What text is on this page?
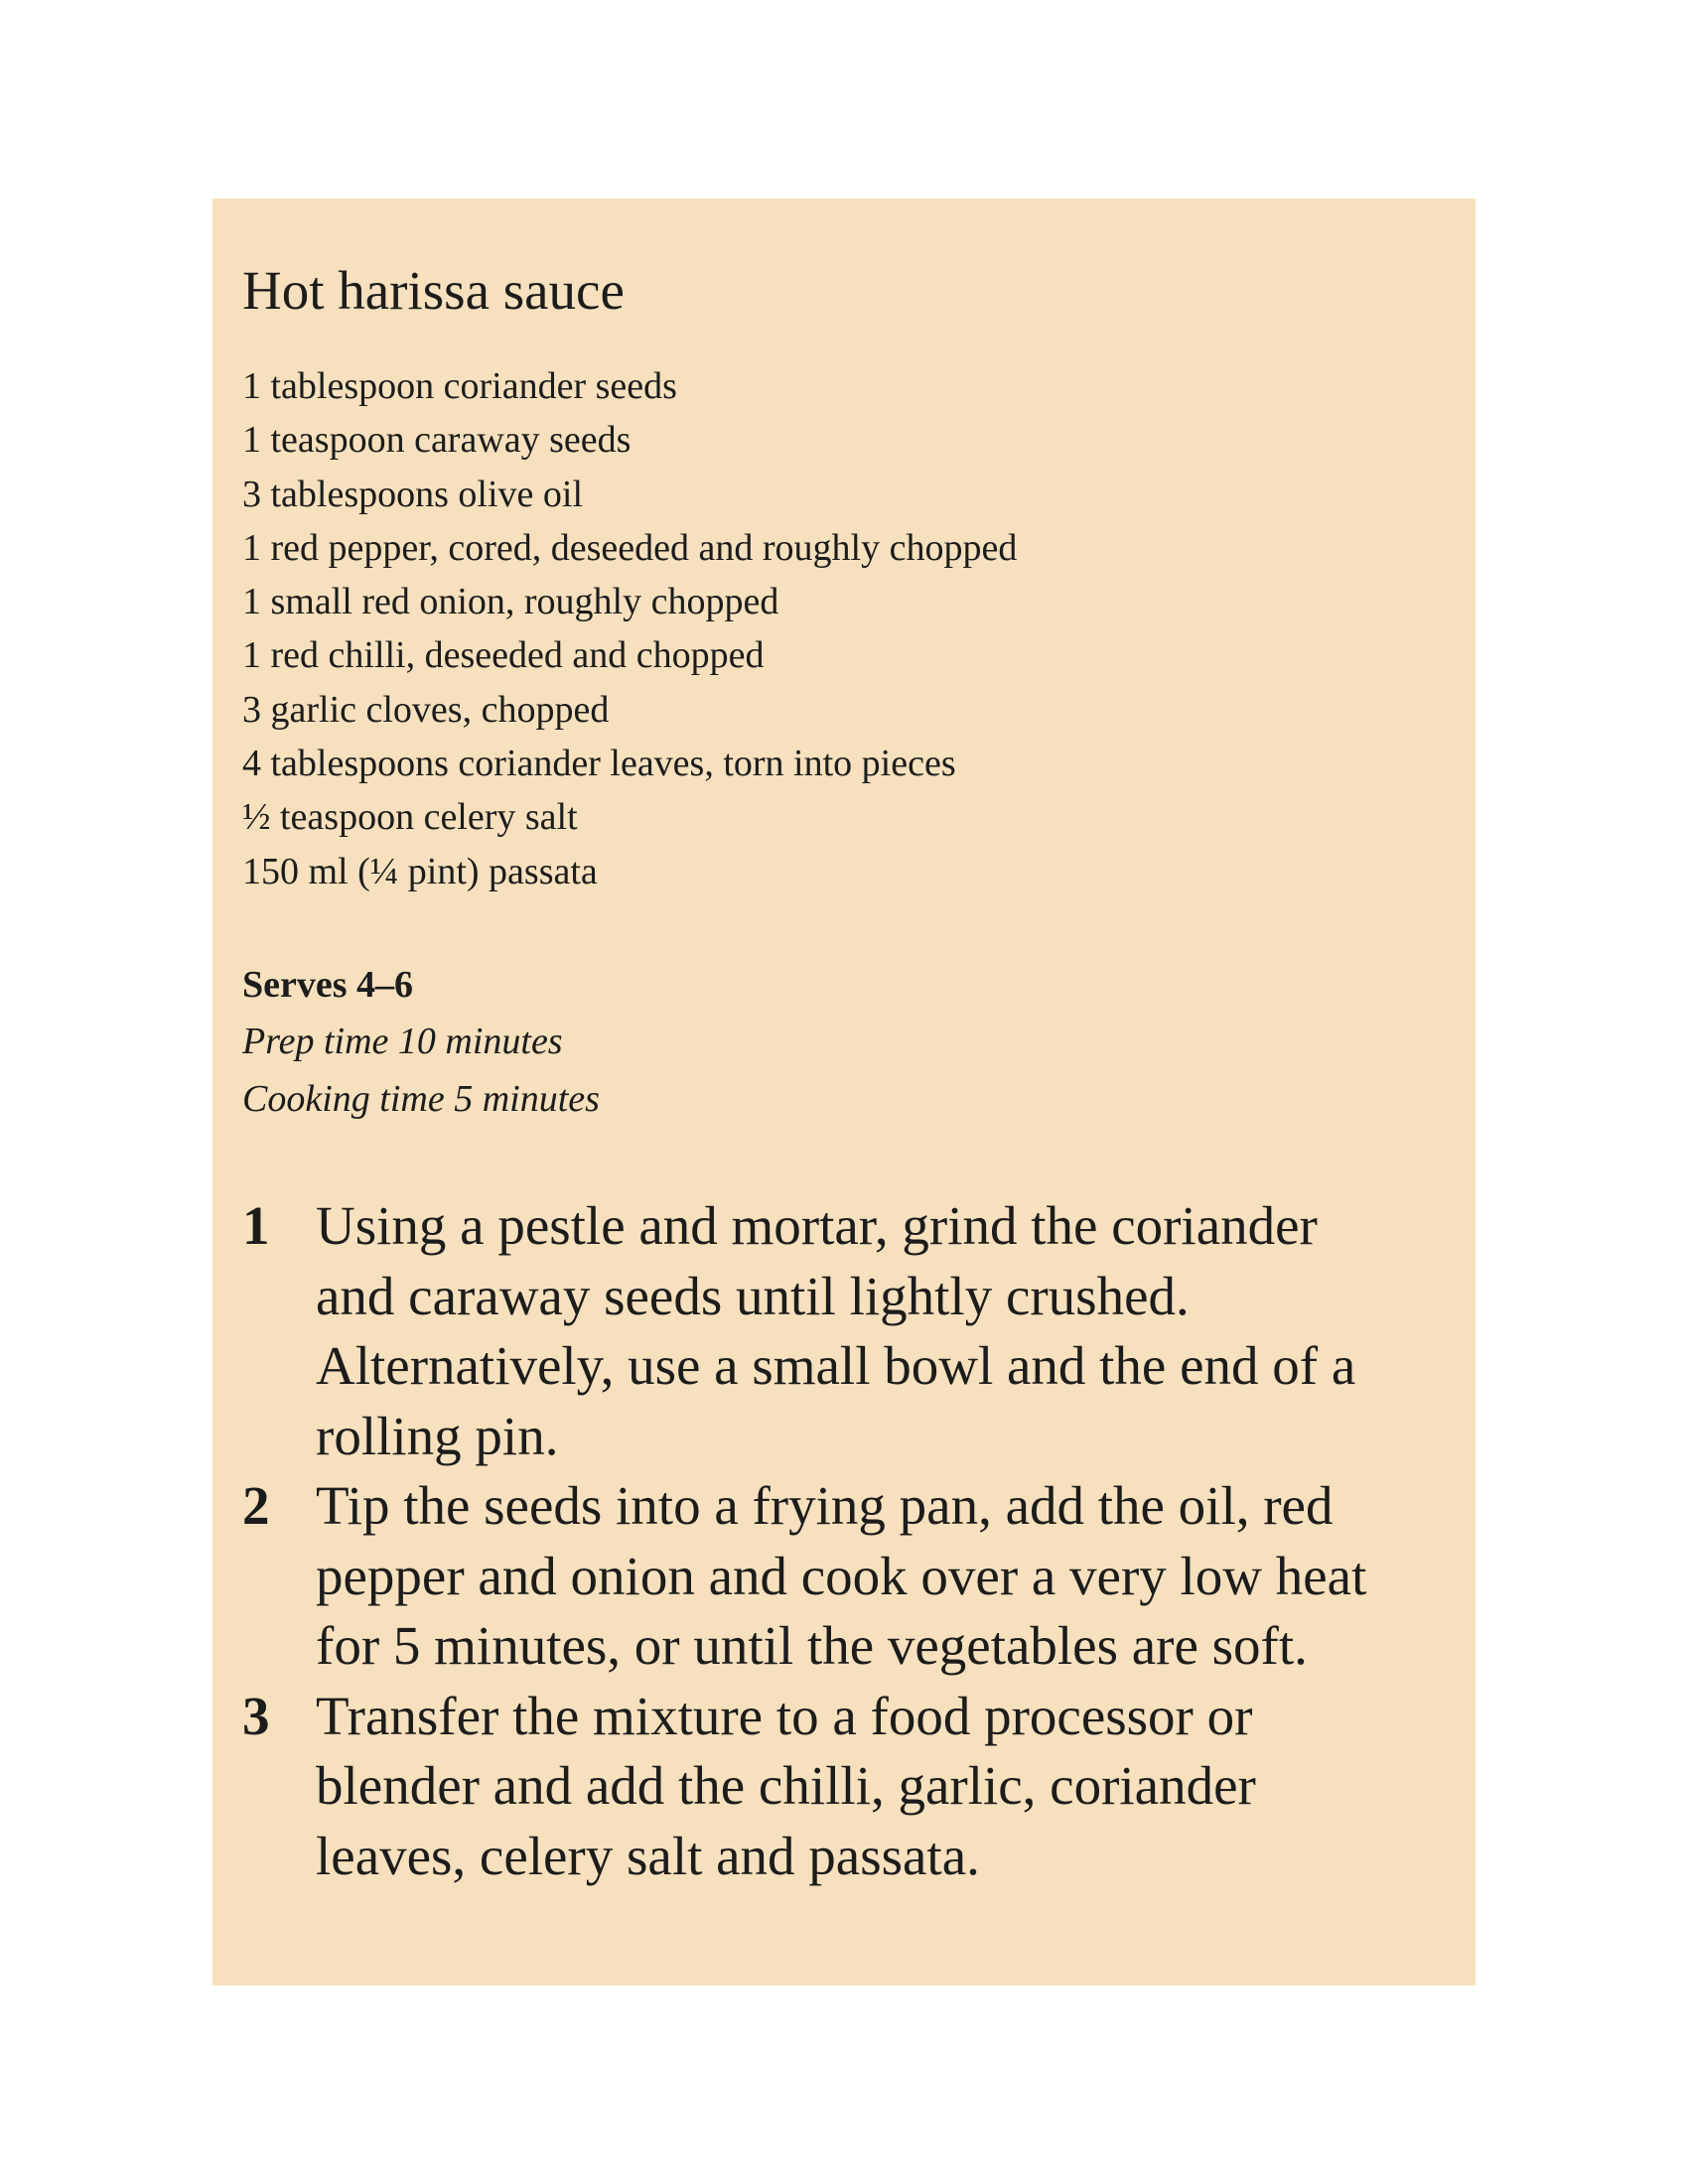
Hot harissa sauce
1 tablespoon coriander seeds
1 teaspoon caraway seeds
3 tablespoons olive oil
1 red pepper, cored, deseeded and roughly chopped
1 small red onion, roughly chopped
1 red chilli, deseeded and chopped
3 garlic cloves, chopped
4 tablespoons coriander leaves, torn into pieces
½ teaspoon celery salt
150 ml (¼ pint) passata
Serves 4–6
Prep time 10 minutes
Cooking time 5 minutes
1 Using a pestle and mortar, grind the coriander
and caraway seeds until lightly crushed.
Alternatively, use a small bowl and the end of a
rolling pin.

2 Tip the seeds into a frying pan, add the oil, red
pepper and onion and cook over a very low heat
for 5 minutes, or until the vegetables are soft.

3 Transfer the mixture to a food processor or
blender and add the chilli, garlic, coriander
leaves, celery salt and passata.
